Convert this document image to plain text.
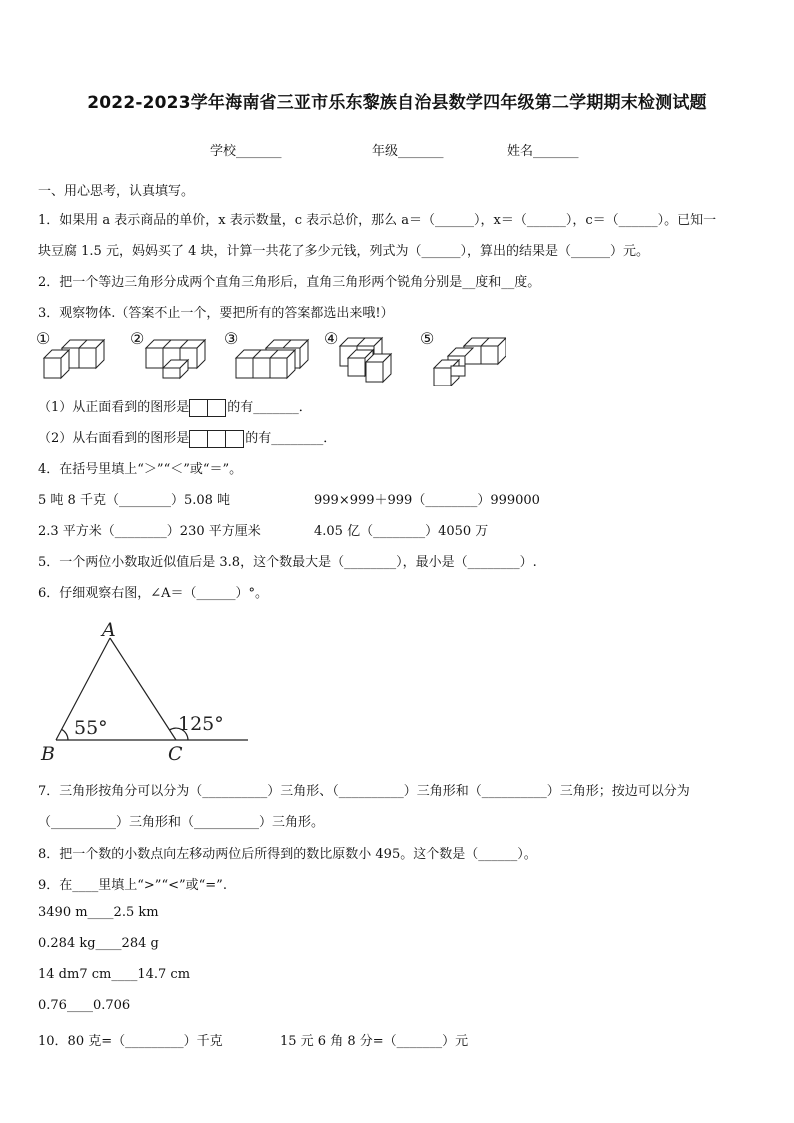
2022-2023学年海南省三亚市乐东黎族自治县数学四年级第二学期期末检测试题
学校_______	年级_______	姓名_______
一、用心思考，认真填写。
1．如果用 a 表示商品的单价，x 表示数量，c 表示总价，那么 a＝（______），x＝（______），c＝（______）。已知一
块豆腐 1.5 元，妈妈买了 4 块，计算一共花了多少元钱，列式为（______），算出的结果是（______）元。
2．把一个等边三角形分成两个直角三角形后，直角三角形两个锐角分别是__度和__度。
3．观察物体.（答案不止一个，要把所有的答案都选出来哦!）
①	②	③	④	⑤
（1）从正面看到的图形是	的有_______．
（2）从右面看到的图形是	的有________．
4．在括号里填上“＞”“＜”或“＝”。
5 吨 8 千克（________）5.08 吨	999×999＋999（________）999000
2.3 平方米（________）230 平方厘米	4.05 亿（________）4050 万
5．一个两位小数取近似值后是 3.8，这个数最大是（________），最小是（________）.
6．仔细观察右图，∠A＝（______）°。
A
B	C
55°	125°
7．三角形按角分可以分为（__________）三角形、（__________）三角形和（__________）三角形；按边可以分为
（__________）三角形和（__________）三角形。
8．把一个数的小数点向左移动两位后所得到的数比原数小 495。这个数是（______）。
9．在____里填上“>”“<”或“=”.
3490 m____2.5 km
0.284 kg____284 g
14 dm7 cm____14.7 cm
0.76____0.706
10．80 克=（_________）千克	15 元 6 角 8 分=（_______）元
